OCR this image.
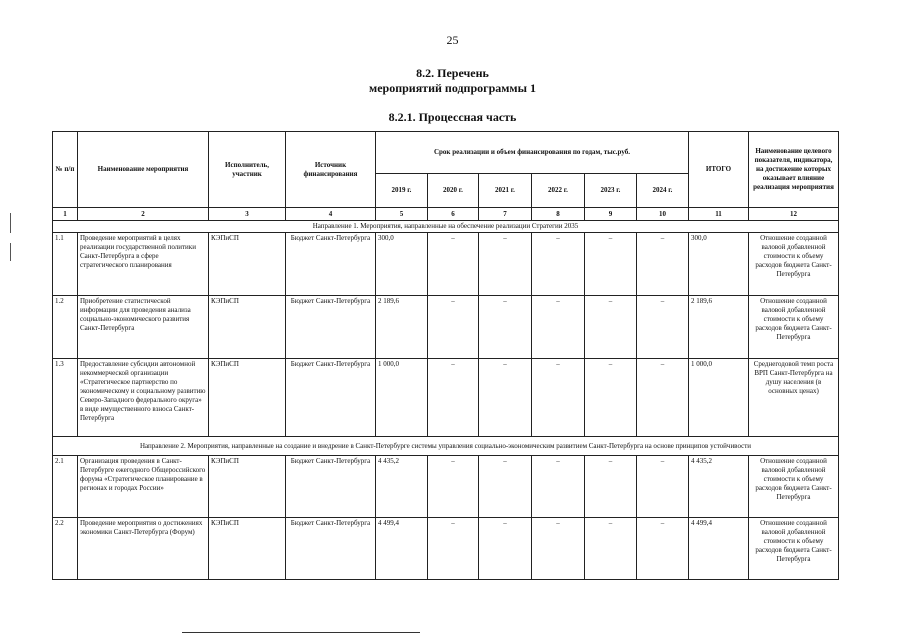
25
8.2. Перечень
мероприятий подпрограммы 1
8.2.1. Процессная часть
№ п/п	Наименование мероприятия	Исполнитель, участник	Источник финансирования	Срок реализации и объем финансирования по годам, тыс.руб.						ИТОГО	Наименование целевого показателя, индикатора, на достижение которых оказывает влияние реализация мероприятия
				2019 г.	2020 г.	2021 г.	2022 г.	2023 г.	2024 г.		
1	2	3	4	5	6	7	8	9	10	11	12
Направление 1. Мероприятия, направленные на обеспечение реализации Стратегии 2035											
1.1	Проведение мероприятий в целях реализации государственной политики Санкт-Петербурга в сфере стратегического планирования	КЭПиСП	Бюджет Санкт-Петербурга	300,0	–	–	–	–	–	300,0	Отношение созданной валовой добавленной стоимости к объему расходов бюджета Санкт-Петербурга
1.2	Приобретение статистической информации для проведения анализа социально-экономического развития Санкт-Петербурга	КЭПиСП	Бюджет Санкт-Петербурга	2 189,6	–	–	–	–	–	2 189,6	Отношение созданной валовой добавленной стоимости к объему расходов бюджета Санкт-Петербурга
1.3	Предоставление субсидии автономной некоммерческой организации «Стратегическое партнерство по экономическому и социальному развитию Северо-Западного федерального округа» в виде имущественного взноса Санкт-Петербурга	КЭПиСП	Бюджет Санкт-Петербурга	1 000,0	–	–	–	–	–	1 000,0	Среднегодовой темп роста ВРП Санкт-Петербурга на душу населения (в основных ценах)
Направление 2. Мероприятия, направленные на создание и внедрение в Санкт-Петербурге системы управления социально-экономическим развитием Санкт-Петербурга на основе принципов устойчивости											
2.1	Организация проведения в Санкт-Петербурге ежегодного Общероссийского форума «Стратегическое планирование в регионах и городах России»	КЭПиСП	Бюджет Санкт-Петербурга	4 435,2	–	–	–	–	–	4 435,2	Отношение созданной валовой добавленной стоимости к объему расходов бюджета Санкт-Петербурга
2.2	Проведение мероприятия о достижениях экономики Санкт-Петербурга (Форум)	КЭПиСП	Бюджет Санкт-Петербурга	4 499,4	–	–	–	–	–	4 499,4	Отношение созданной валовой добавленной стоимости к объему расходов бюджета Санкт-Петербурга
